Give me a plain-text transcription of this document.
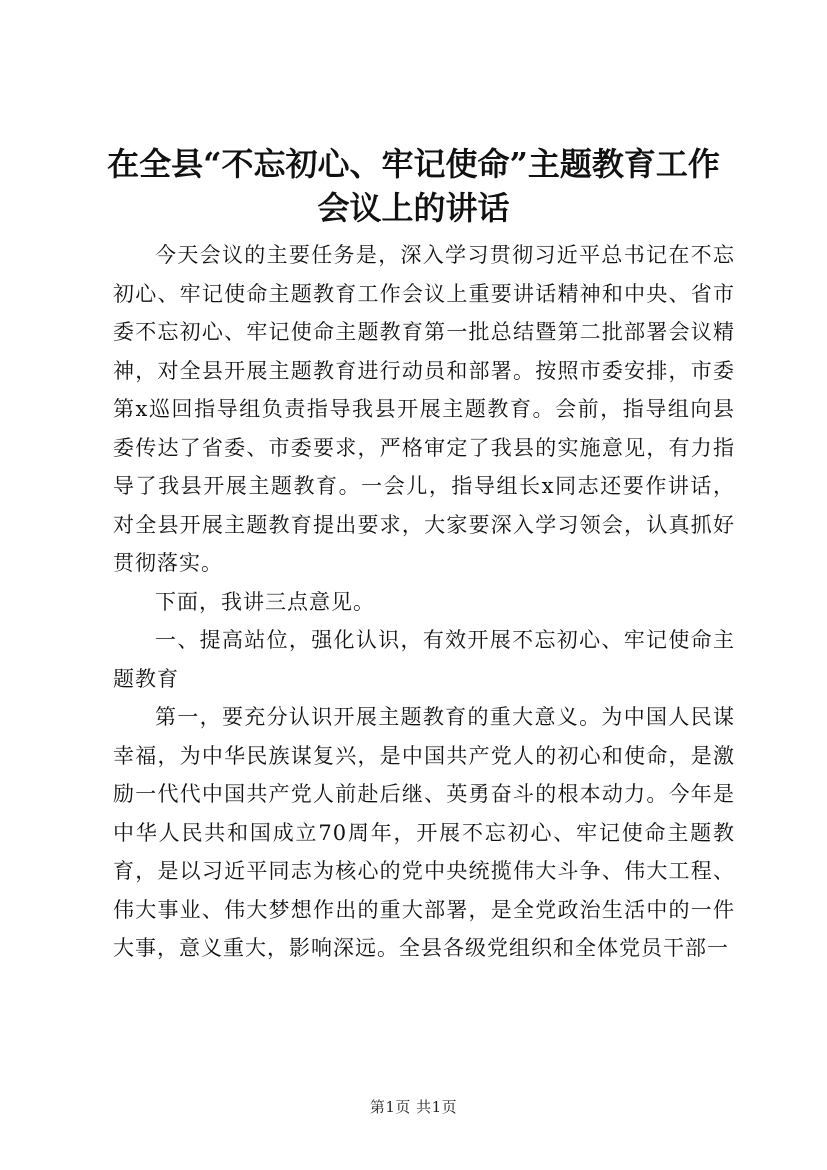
在全县“不忘初心、牢记使命”主题教育工作
会议上的讲话

今天会议的主要任务是，深入学习贯彻习近平总书记在不忘初心、牢记使命主题教育工作会议上重要讲话精神和中央、省市委不忘初心、牢记使命主题教育第一批总结暨第二批部署会议精神，对全县开展主题教育进行动员和部署。按照市委安排，市委第x巡回指导组负责指导我县开展主题教育。会前，指导组向县委传达了省委、市委要求，严格审定了我县的实施意见，有力指导了我县开展主题教育。一会儿，指导组长x同志还要作讲话，对全县开展主题教育提出要求，大家要深入学习领会，认真抓好贯彻落实。

下面，我讲三点意见。

一、提高站位，强化认识，有效开展不忘初心、牢记使命主题教育

第一，要充分认识开展主题教育的重大意义。为中国人民谋幸福，为中华民族谋复兴，是中国共产党人的初心和使命，是激励一代代中国共产党人前赴后继、英勇奋斗的根本动力。今年是中华人民共和国成立70周年，开展不忘初心、牢记使命主题教育，是以习近平同志为核心的党中央统揽伟大斗争、伟大工程、伟大事业、伟大梦想作出的重大部署，是全党政治生活中的一件大事，意义重大，影响深远。全县各级党组织和全体党员干部一

第1页 共1页
